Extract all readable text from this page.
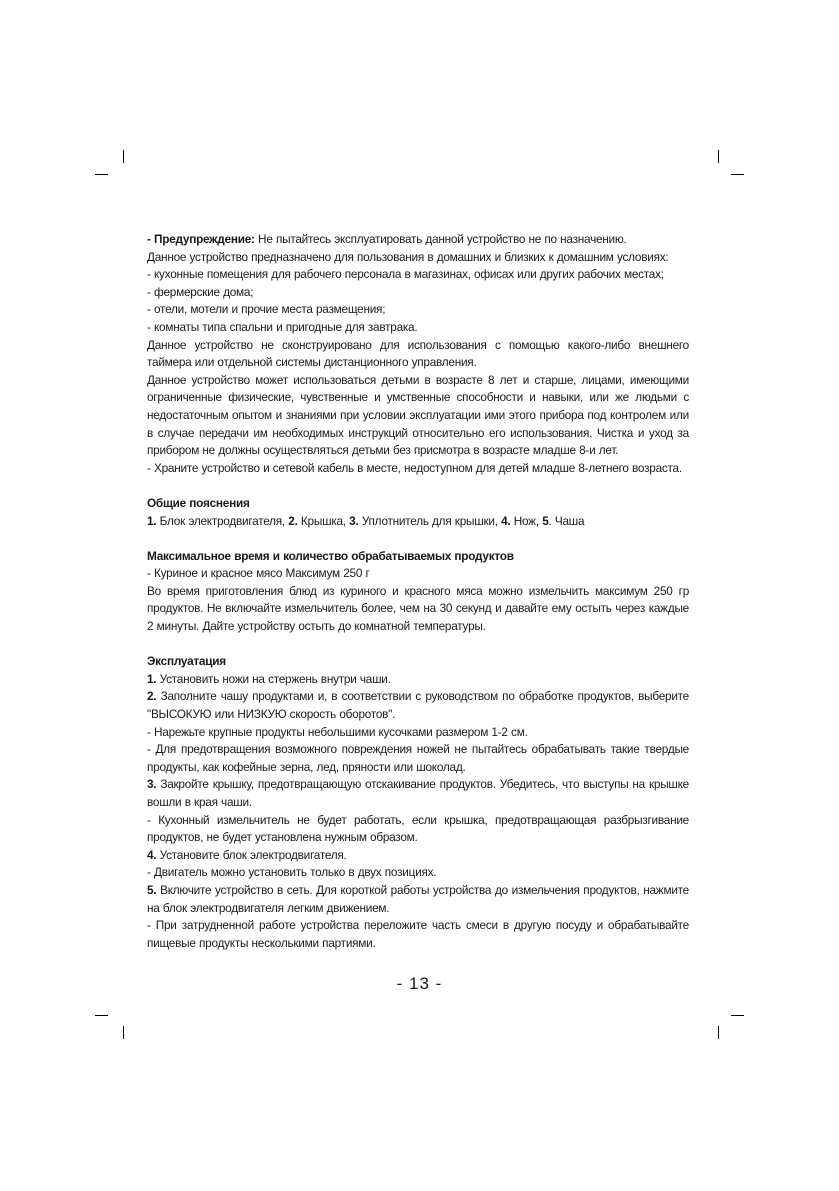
- Предупреждение: Не пытайтесь эксплуатировать данной устройство не по назначению.

Данное устройство предназначено для пользования в домашних и близких к домашним условиях:

- кухонные помещения для рабочего персонала в магазинах, офисах или других рабочих местах;

- фермерские дома;

- отели, мотели и прочие места размещения;

- комнаты типа спальни и пригодные для завтрака.

Данное устройство не сконструировано для использования с помощью какого-либо внешнего таймера или отдельной системы дистанционного управления.

Данное устройство может использоваться детьми в возрасте 8 лет и старше, лицами, имеющими ограниченные физические, чувственные и умственные способности и навыки, или же людьми с недостаточным опытом и знаниями при условии эксплуатации ими этого прибора под контролем или в случае передачи им необходимых инструкций относительно его использования. Чистка и уход за прибором не должны осуществляться детьми без присмотра в возрасте младше 8-и лет.

- Храните устройство и сетевой кабель в месте, недоступном для детей младше 8-летнего возраста.

Общие пояснения

1. Блок электродвигателя, 2. Крышка, 3. Уплотнитель для крышки, 4. Нож, 5. Чаша

Максимальное время и количество обрабатываемых продуктов

- Куриное и красное мясо Максимум 250 г

Во время приготовления блюд из куриного и красного мяса можно измельчить максимум 250 гр продуктов. Не включайте измельчитель более, чем на 30 секунд и давайте ему остыть через каждые 2 минуты. Дайте устройству остыть до комнатной температуры.

Эксплуатация

1. Установить ножи на стержень внутри чаши.

2. Заполните чашу продуктами и, в соответствии с руководством по обработке продуктов, выберите "ВЫСОКУЮ или НИЗКУЮ скорость оборотов".

- Нарежьте крупные продукты небольшими кусочками размером 1-2 см.

- Для предотвращения возможного повреждения ножей не пытайтесь обрабатывать такие твердые продукты, как кофейные зерна, лед, пряности или шоколад.

3. Закройте крышку, предотвращающую отскакивание продуктов. Убедитесь, что выступы на крышке вошли в края чаши.

- Кухонный измельчитель не будет работать, если крышка, предотвращающая разбрызгивание продуктов, не будет установлена нужным образом.

4. Установите блок электродвигателя.

- Двигатель можно установить только в двух позициях.

5. Включите устройство в сеть. Для короткой работы устройства до измельчения продуктов, нажмите на блок электродвигателя легким движением.

- При затрудненной работе устройства переложите часть смеси в другую посуду и обрабатывайте пищевые продукты несколькими партиями.

- 13 -
